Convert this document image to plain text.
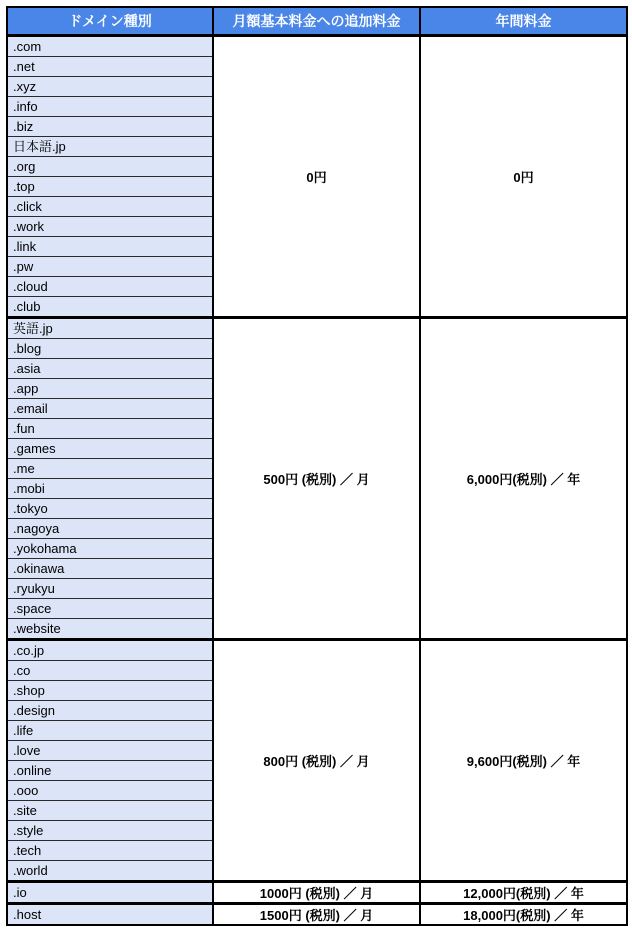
ドメイン種別	月額基本料金への追加料金	年間料金
.com	0円	0円
.net		
.xyz		
.info		
.biz		
日本語.jp		
.org		
.top		
.click		
.work		
.link		
.pw		
.cloud		
.club		
英語.jp	500円 (税別) ／ 月	6,000円(税別) ／ 年
.blog		
.asia		
.app		
.email		
.fun		
.games		
.me		
.mobi		
.tokyo		
.nagoya		
.yokohama		
.okinawa		
.ryukyu		
.space		
.website		
.co.jp	800円 (税別) ／ 月	9,600円(税別) ／ 年
.co		
.shop		
.design		
.life		
.love		
.online		
.ooo		
.site		
.style		
.tech		
.world		
.io	1000円 (税別) ／ 月	12,000円(税別) ／ 年
.host	1500円 (税別) ／ 月	18,000円(税別) ／ 年
